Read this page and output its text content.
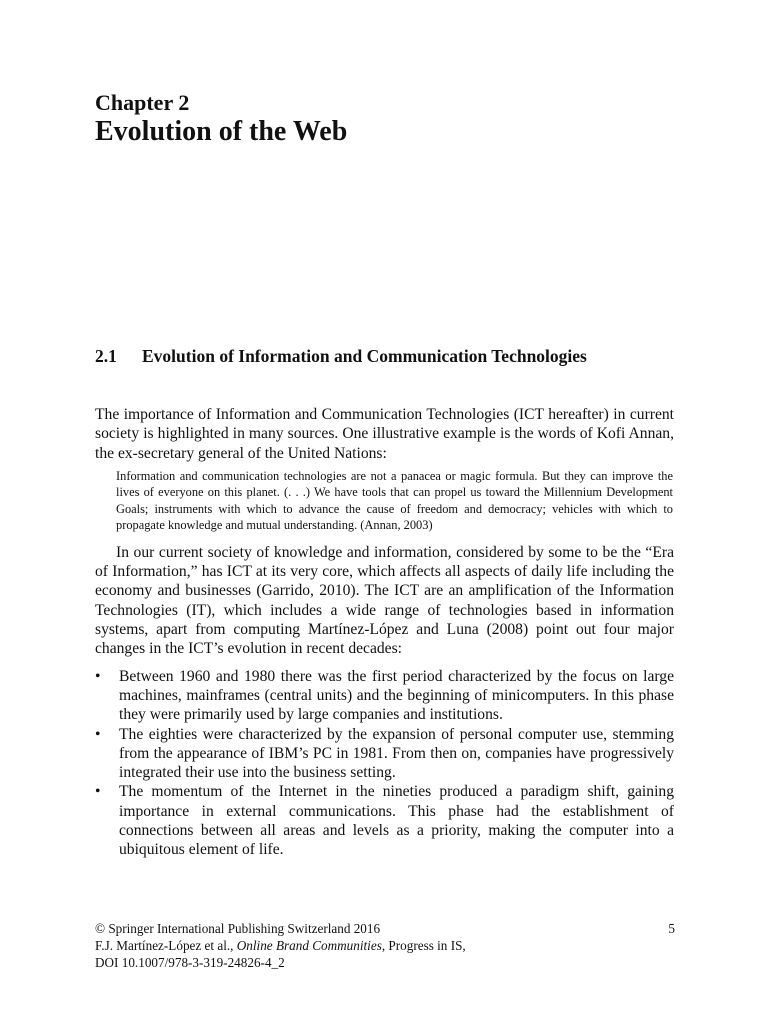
Chapter 2
Evolution of the Web
2.1 Evolution of Information and Communication Technologies

The importance of Information and Communication Technologies (ICT hereafter) in current society is highlighted in many sources. One illustrative example is the words of Kofi Annan, the ex-secretary general of the United Nations:

Information and communication technologies are not a panacea or magic formula. But they can improve the lives of everyone on this planet. (. . .) We have tools that can propel us toward the Millennium Development Goals; instruments with which to advance the cause of freedom and democracy; vehicles with which to propagate knowledge and mutual understanding. (Annan, 2003)

In our current society of knowledge and information, considered by some to be the “Era of Information,” has ICT at its very core, which affects all aspects of daily life including the economy and businesses (Garrido, 2010). The ICT are an amplification of the Information Technologies (IT), which includes a wide range of technologies based in information systems, apart from computing Martínez-López and Luna (2008) point out four major changes in the ICT’s evolution in recent decades:

• Between 1960 and 1980 there was the first period characterized by the focus on large machines, mainframes (central units) and the beginning of minicomputers. In this phase they were primarily used by large companies and institutions.
• The eighties were characterized by the expansion of personal computer use, stemming from the appearance of IBM’s PC in 1981. From then on, companies have progressively integrated their use into the business setting.
• The momentum of the Internet in the nineties produced a paradigm shift, gaining importance in external communications. This phase had the establishment of connections between all areas and levels as a priority, making the computer into a ubiquitous element of life.
© Springer International Publishing Switzerland 2016	5
F.J. Martínez-López et al., Online Brand Communities, Progress in IS,
DOI 10.1007/978-3-319-24826-4_2
